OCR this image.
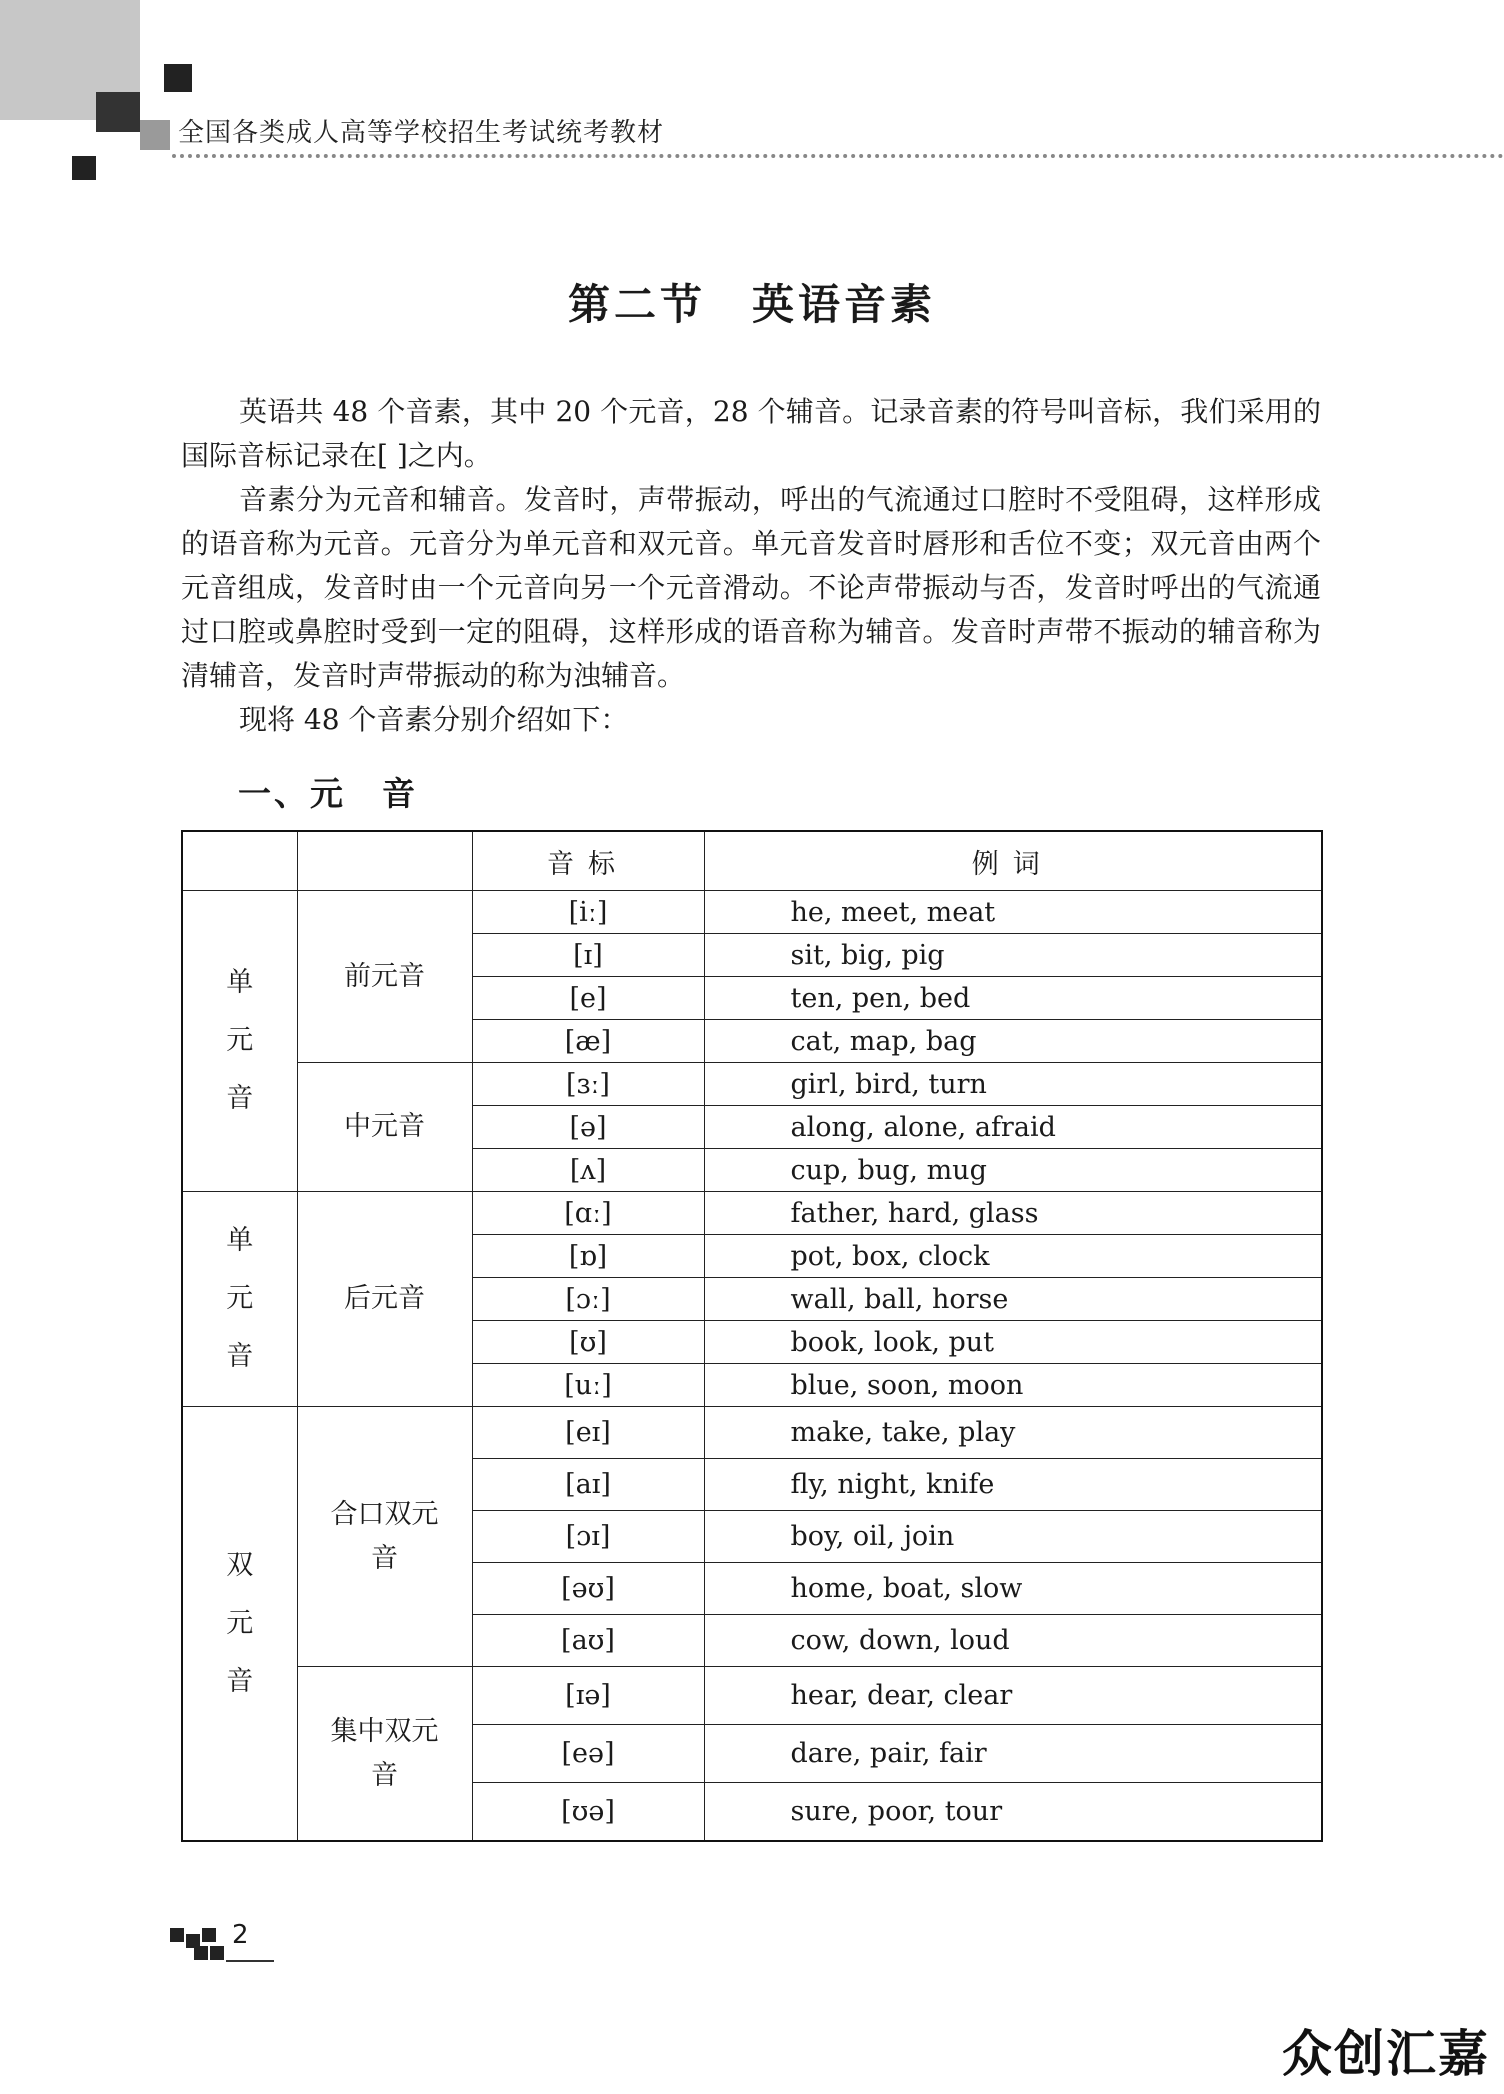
全国各类成人高等学校招生考试统考教材
第二节　英语音素

英语共 48 个音素，其中 20 个元音，28 个辅音。记录音素的符号叫音标，我们采用的国际音标记录在[ ]之内。

音素分为元音和辅音。发音时，声带振动，呼出的气流通过口腔时不受阻碍，这样形成的语音称为元音。元音分为单元音和双元音。单元音发音时唇形和舌位不变；双元音由两个元音组成，发音时由一个元音向另一个元音滑动。不论声带振动与否，发音时呼出的气流通过口腔或鼻腔时受到一定的阻碍，这样形成的语音称为辅音。发音时声带不振动的辅音称为清辅音，发音时声带振动的称为浊辅音。

现将 48 个音素分别介绍如下：

一、元　音
		音标	例词
单元音	前元音	[iː]	he, meet, meat
		[ɪ]	sit, big, pig
		[e]	ten, pen, bed
		[æ]	cat, map, bag
	中元音	[ɜː]	girl, bird, turn
		[ə]	along, alone, afraid
		[ʌ]	cup, bug, mug
单元音	后元音	[ɑː]	father, hard, glass
		[ɒ]	pot, box, clock
		[ɔː]	wall, ball, horse
		[ʊ]	book, look, put
		[uː]	blue, soon, moon
双元音	合口双元音	[eɪ]	make, take, play
		[aɪ]	fly, night, knife
		[ɔɪ]	boy, oil, join
		[əʊ]	home, boat, slow
		[aʊ]	cow, down, loud
	集中双元音	[ɪə]	hear, dear, clear
		[eə]	dare, pair, fair
		[ʊə]	sure, poor, tour
2
众创汇嘉
